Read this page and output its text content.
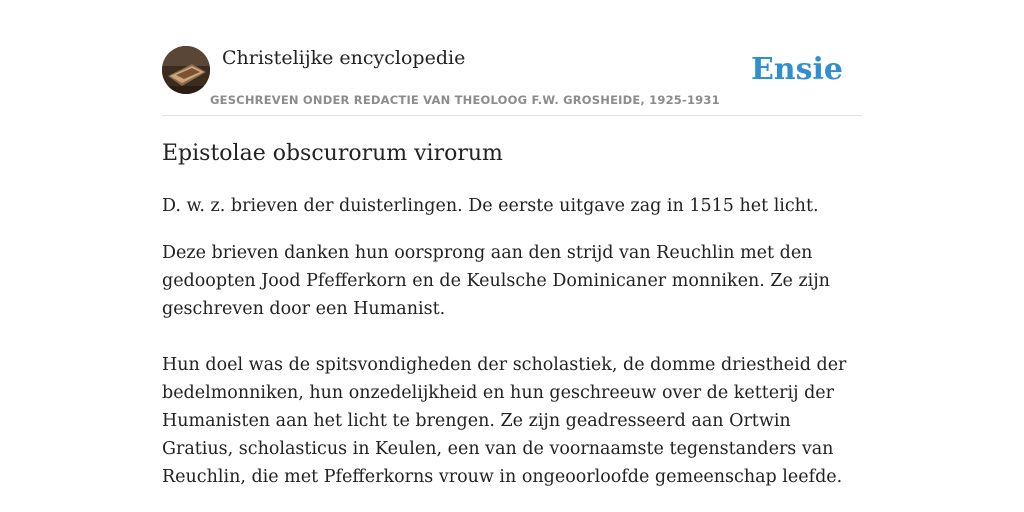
Christelijke encyclopedie
GESCHREVEN ONDER REDACTIE VAN THEOLOOG F.W. GROSHEIDE, 1925-1931
Ensie
Epistolae obscurorum virorum

D. w. z. brieven der duisterlingen. De eerste uitgave zag in 1515 het licht.

Deze brieven danken hun oorsprong aan den strijd van Reuchlin met den gedoopten Jood Pfefferkorn en de Keulsche Dominicaner monniken. Ze zijn geschreven door een Humanist.

Hun doel was de spitsvondigheden der scholastiek, de domme driestheid der bedelmonniken, hun onzedelijkheid en hun geschreeuw over de ketterij der Humanisten aan het licht te brengen. Ze zijn geadresseerd aan Ortwin Gratius, scholasticus in Keulen, een van de voornaamste tegenstanders van Reuchlin, die met Pfefferkorns vrouw in ongeoorloofde gemeenschap leefde.
